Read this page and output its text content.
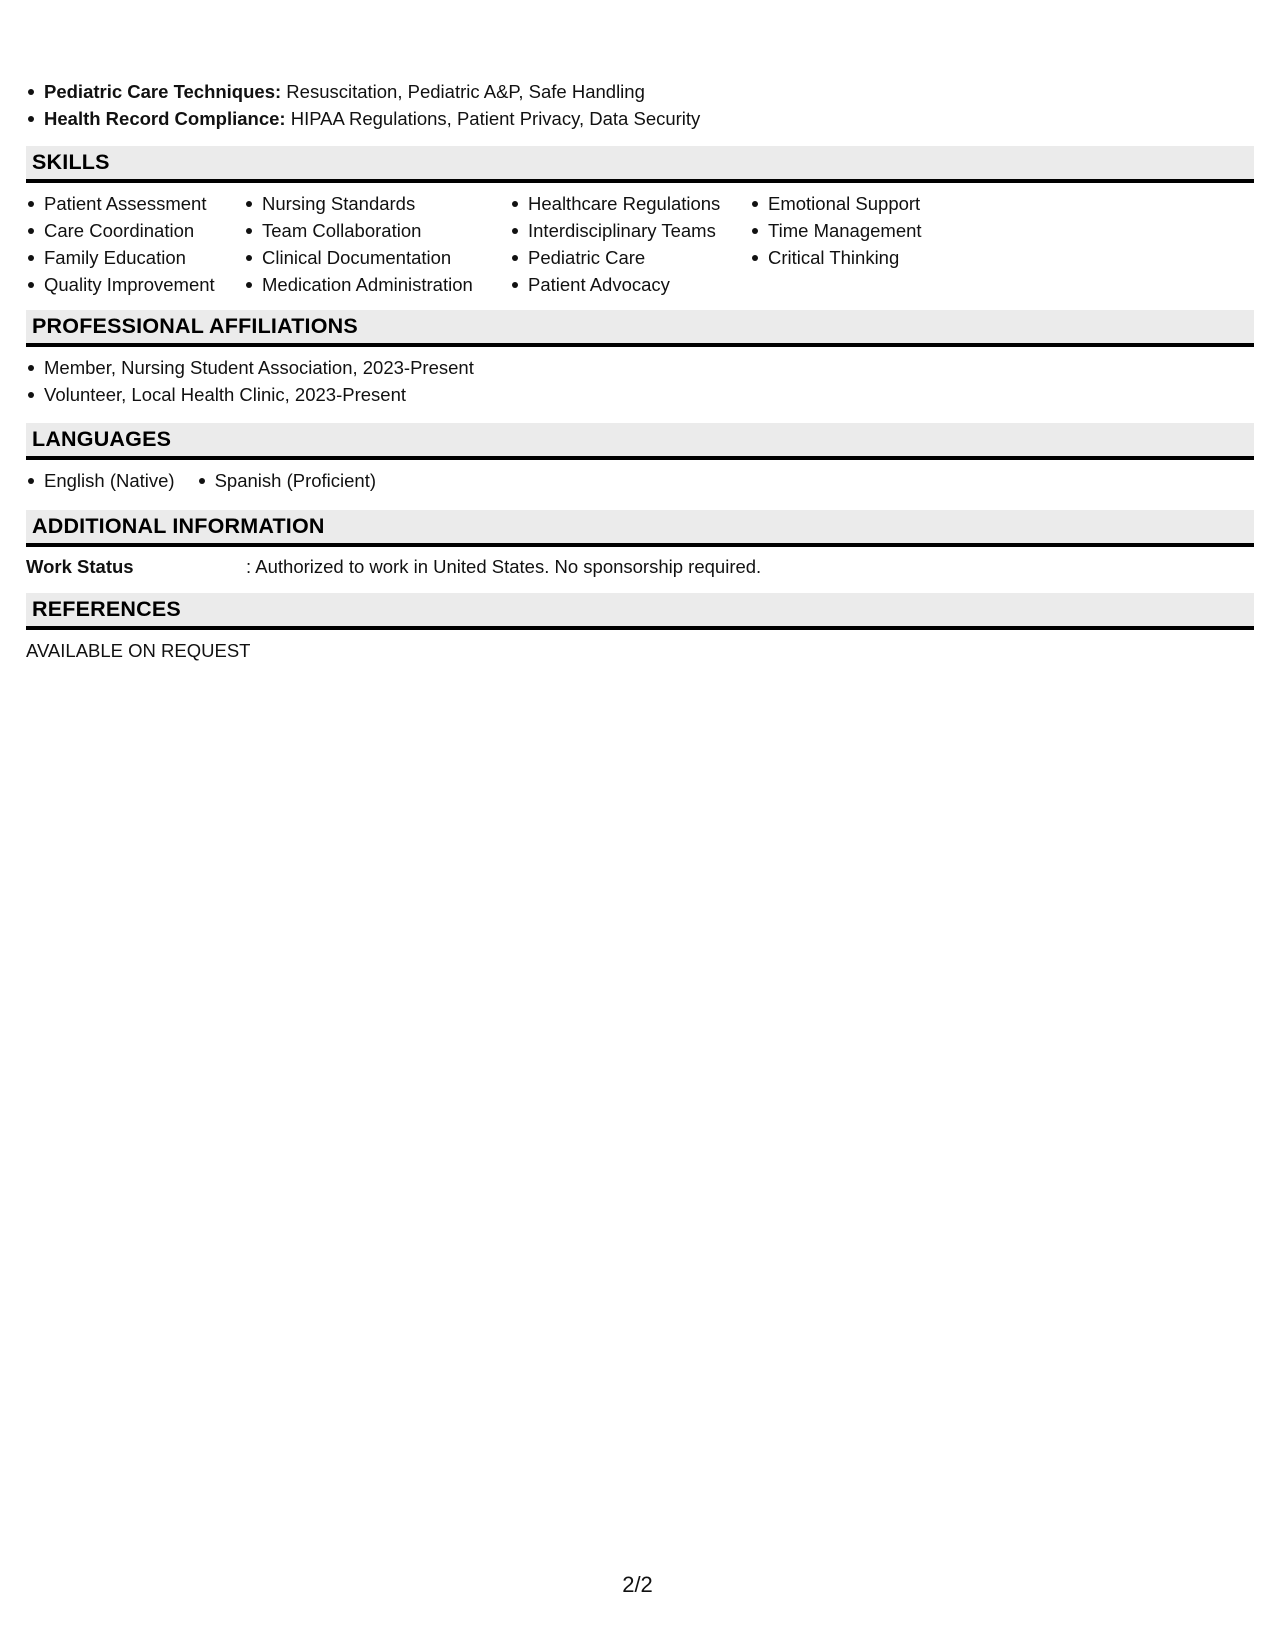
Pediatric Care Techniques: Resuscitation, Pediatric A&P, Safe Handling
Health Record Compliance: HIPAA Regulations, Patient Privacy, Data Security
SKILLS
Patient Assessment
Care Coordination
Family Education
Quality Improvement
Nursing Standards
Team Collaboration
Clinical Documentation
Medication Administration
Healthcare Regulations
Interdisciplinary Teams
Pediatric Care
Patient Advocacy
Emotional Support
Time Management
Critical Thinking
PROFESSIONAL AFFILIATIONS
Member, Nursing Student Association, 2023-Present
Volunteer, Local Health Clinic, 2023-Present
LANGUAGES
English (Native)	Spanish (Proficient)
ADDITIONAL INFORMATION
Work Status	: Authorized to work in United States. No sponsorship required.
REFERENCES
AVAILABLE ON REQUEST
2/2
